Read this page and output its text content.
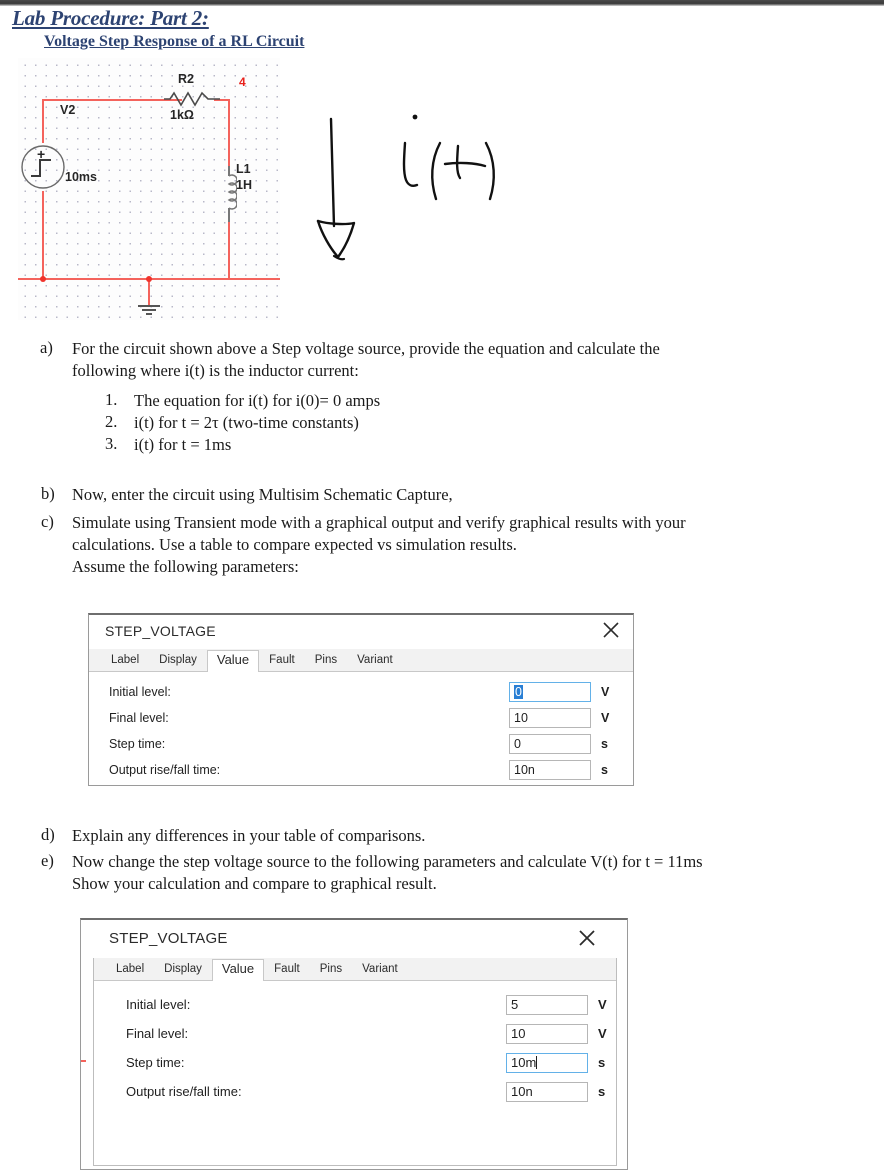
Lab Procedure: Part 2:
Voltage Step Response of a RL Circuit
R2
1kΩ
4
L1
1H
+
V2
10ms
a) For the circuit shown above a Step voltage source, provide the equation and calculate the
following where i(t) is the inductor current:
1. The equation for i(t) for i(0)= 0 amps
2. i(t) for t = 2τ (two-time constants)
3. i(t) for t = 1ms
b) Now, enter the circuit using Multisim Schematic Capture,
c) Simulate using Transient mode with a graphical output and verify graphical results with your
calculations. Use a table to compare expected vs simulation results.
Assume the following parameters:
STEP_VOLTAGE
Label	Display	Value	Fault	Pins	Variant
Initial level:	0	V
Final level:	10	V
Step time:	0	s
Output rise/fall time:	10n	s
d) Explain any differences in your table of comparisons.
e) Now change the step voltage source to the following parameters and calculate V(t) for t = 11ms
Show your calculation and compare to graphical result.
STEP_VOLTAGE
Label	Display	Value	Fault	Pins	Variant
Initial level:	5	V
Final level:	10	V
Step time:	10m	s
Output rise/fall time:	10n	s
